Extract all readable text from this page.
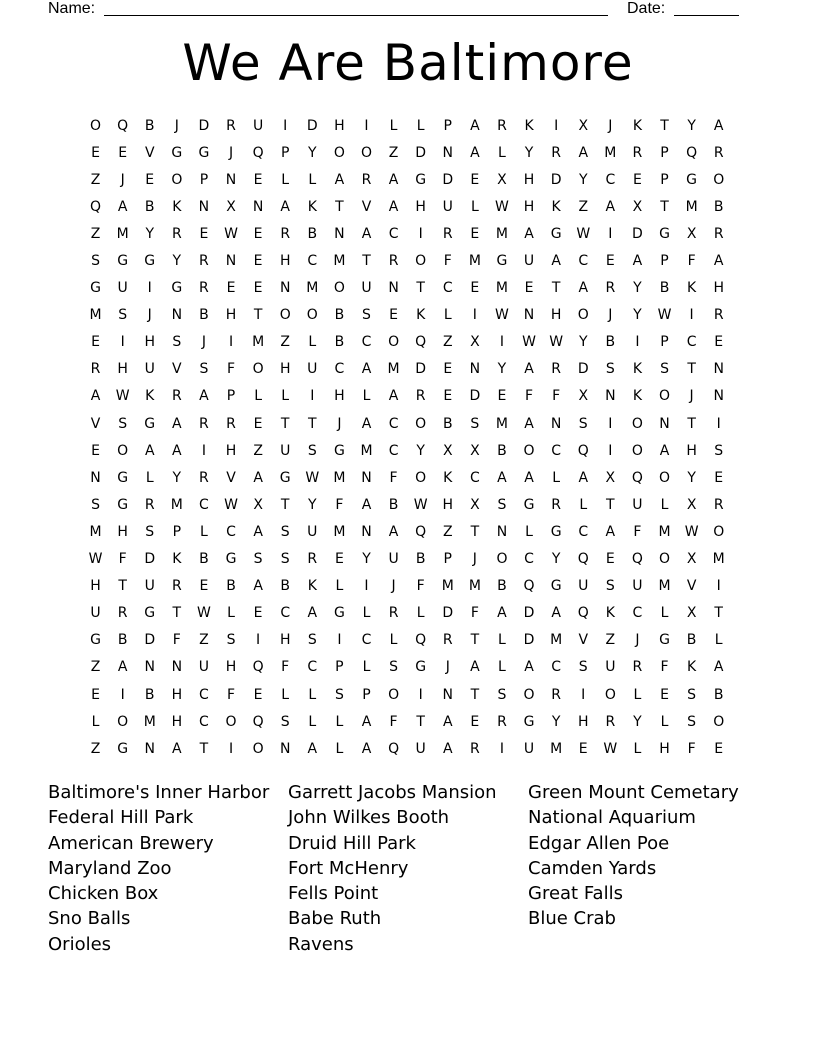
Name:	Date:
We Are Baltimore
O	Q	B	J	D	R	U	I	D	H	I	L	L	P	A	R	K	I	X	J	K	T	Y	A
E	E	V	G	G	J	Q	P	Y	O	O	Z	D	N	A	L	Y	R	A	M	R	P	Q	R
Z	J	E	O	P	N	E	L	L	A	R	A	G	D	E	X	H	D	Y	C	E	P	G	O
Q	A	B	K	N	X	N	A	K	T	V	A	H	U	L	W	H	K	Z	A	X	T	M	B
Z	M	Y	R	E	W	E	R	B	N	A	C	I	R	E	M	A	G	W	I	D	G	X	R
S	G	G	Y	R	N	E	H	C	M	T	R	O	F	M	G	U	A	C	E	A	P	F	A
G	U	I	G	R	E	E	N	M	O	U	N	T	C	E	M	E	T	A	R	Y	B	K	H
M	S	J	N	B	H	T	O	O	B	S	E	K	L	I	W	N	H	O	J	Y	W	I	R
E	I	H	S	J	I	M	Z	L	B	C	O	Q	Z	X	I	W W	Y	B	I	P	C	E
R	H	U	V	S	F	O	H	U	C	A	M	D	E	N	Y	A	R	D	S	K	S	T	N
A	W	K	R	A	P	L	L	I	H	L	A	R	E	D	E	F	F	X	N	K	O	J	N
V	S	G	A	R	R	E	T	T	J	A	C	O	B	S	M	A	N	S	I	O	N	T	I
E	O	A	A	I	H	Z	U	S	G	M	C	Y	X	X	B	O	C	Q	I	O	A	H	S
N	G	L	Y	R	V	A	G	W	M	N	F	O	K	C	A	A	L	A	X	Q	O	Y	E
S	G	R	M	C	W	X	T	Y	F	A	B	W	H	X	S	G	R	L	T	U	L	X	R
M	H	S	P	L	C	A	S	U	M	N	A	Q	Z	T	N	L	G	C	A	F	M	W	O
W	F	D	K	B	G	S	S	R	E	Y	U	B	P	J	O	C	Y	Q	E	Q	O	X	M
H	T	U	R	E	B	A	B	K	L	I	J	F	M	M	B	Q	G	U	S	U	M	V	I
U	R	G	T	W	L	E	C	A	G	L	R	L	D	F	A	D	A	Q	K	C	L	X	T
G	B	D	F	Z	S	I	H	S	I	C	L	Q	R	T	L	D	M	V	Z	J	G	B	L
Z	A	N	N	U	H	Q	F	C	P	L	S	G	J	A	L	A	C	S	U	R	F	K	A
E	I	B	H	C	F	E	L	L	S	P	O	I	N	T	S	O	R	I	O	L	E	S	B
L	O	M	H	C	O	Q	S	L	L	A	F	T	A	E	R	G	Y	H	R	Y	L	S	O
Z	G	N	A	T	I	O	N	A	L	A	Q	U	A	R	I	U	M	E	W	L	H	F	E
Baltimore's Inner Harbor
Federal Hill Park
American Brewery
Maryland Zoo
Chicken Box
Sno Balls
Orioles
Garrett Jacobs Mansion
John Wilkes Booth
Druid Hill Park
Fort McHenry
Fells Point
Babe Ruth
Ravens
Green Mount Cemetary
National Aquarium
Edgar Allen Poe
Camden Yards
Great Falls
Blue Crab
